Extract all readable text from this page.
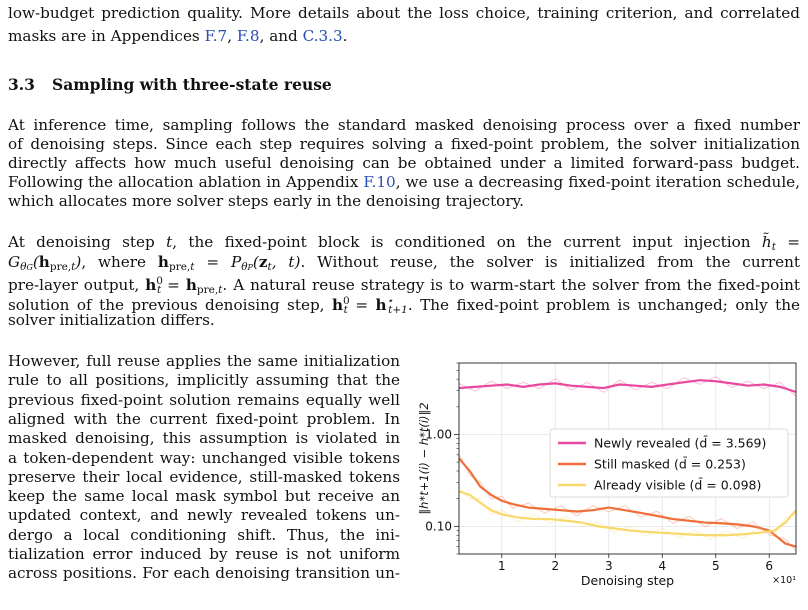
low-budget prediction quality. More details about the loss choice, training criterion, and correlated
masks are in Appendices F.7, F.8, and C.3.3.
3.3 Sampling with three-state reuse
At inference time, sampling follows the standard masked denoising process over a fixed number
of denoising steps. Since each step requires solving a fixed-point problem, the solver initialization
directly affects how much useful denoising can be obtained under a limited forward-pass budget.
Following the allocation ablation in Appendix F.10, we use a decreasing fixed-point iteration schedule,
which allocates more solver steps early in the denoising trajectory.
At denoising step t, the fixed-point block is conditioned on the current input injection $h̃_t$ =
$G_{\theta G}(h_{pre,t})$, where $h_{pre,t} = P_{\theta P}(z_t$, t). Without reuse, the solver is initialized from the current
pre-layer output, $h^0_t = h_{pre,t}$. A natural reuse strategy is to warm-start the solver from the fixed-point
solution of the previous denoising step, $h^0_t = h^⋆_{t+1}$. The fixed-point problem is unchanged; only the
solver initialization differs.
However, full reuse applies the same initialization
rule to all positions, implicitly assuming that the
previous fixed-point solution remains equally well
aligned with the current fixed-point problem. In
masked denoising, this assumption is violated in
a token-dependent way: unchanged visible tokens
preserve their local evidence, still-masked tokens
keep the same local mask symbol but receive an
updated context, and newly revealed tokens un-
dergo a local conditioning shift. Thus, the ini-
tialization error induced by reuse is not uniform
across positions. For each denoising transition un-	1	2	3	4	5	6
0.10
1.00
Denoising step	×10¹
‖h*t+1(i) − h*t(i)‖2	Newly revealed (d̄ = 3.569)
Still masked (d̄ = 0.253)
Already visible (d̄ = 0.098)
